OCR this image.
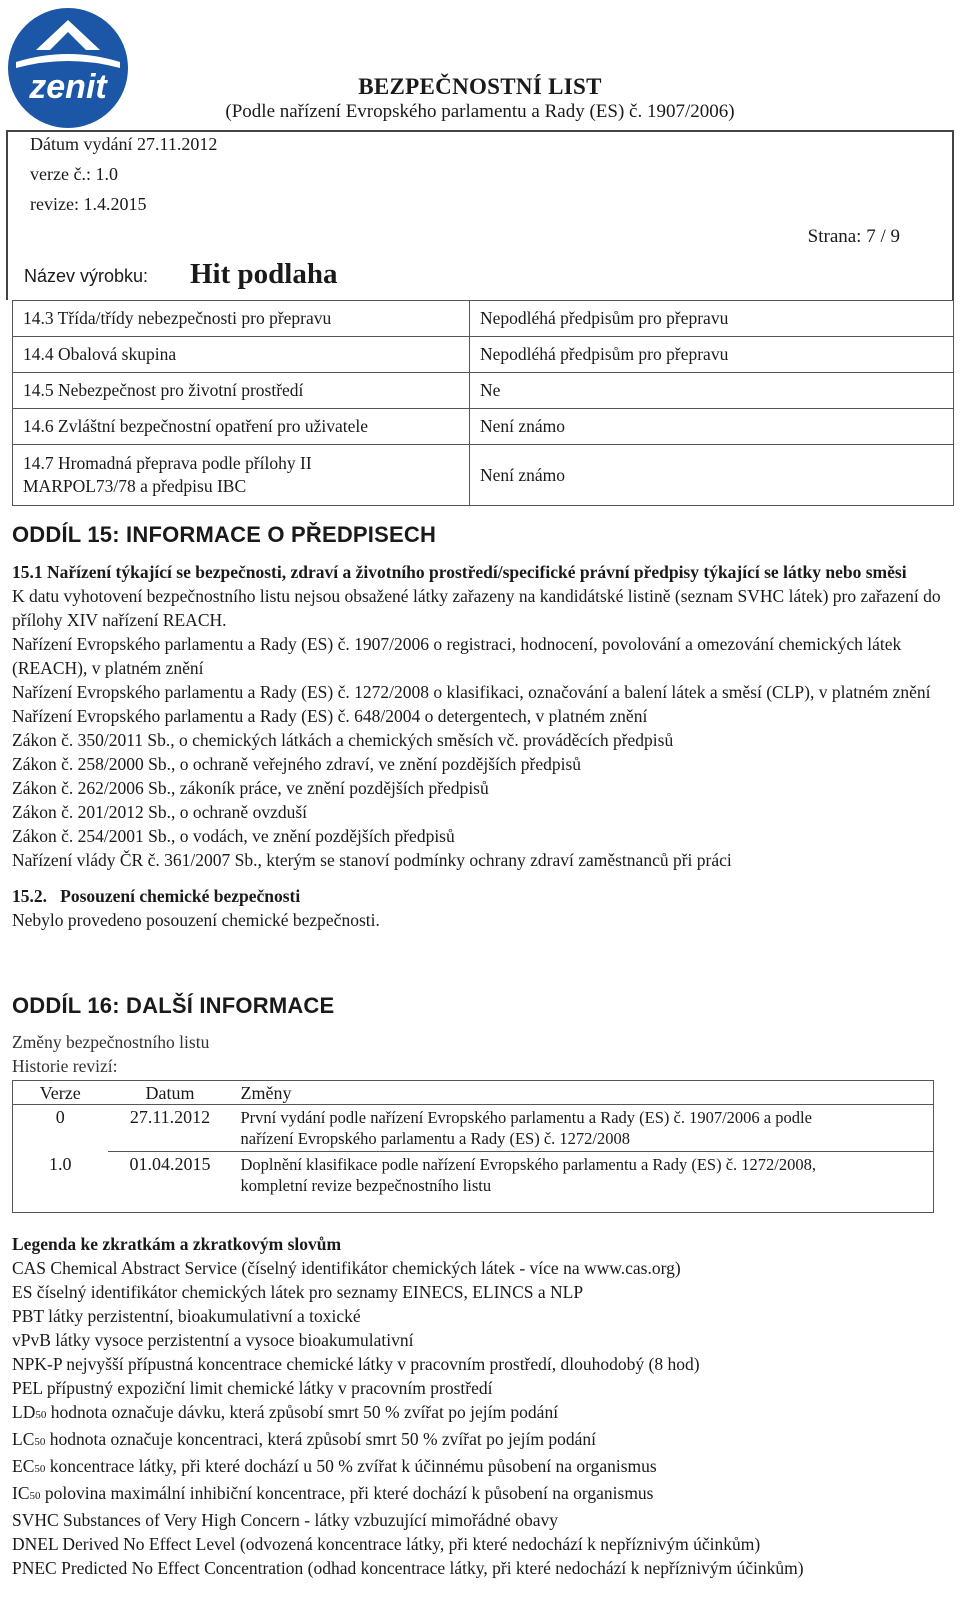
zenit	BEZPEČNOSTNÍ LIST
(Podle nařízení Evropského parlamentu a Rady (ES) č. 1907/2006)
Dátum vydání 27.11.2012
verze č.: 1.0
revize: 1.4.2015
Strana: 7 / 9
Název výrobku: Hit podlaha
14.3 Třída/třídy nebezpečnosti pro přepravu	Nepodléhá předpisům pro přepravu
14.4 Obalová skupina	Nepodléhá předpisům pro přepravu
14.5 Nebezpečnost pro životní prostředí	Ne
14.6 Zvláštní bezpečnostní opatření pro uživatele	Není známo

14.7 Hromadná přeprava podle přílohy II
MARPOL73/78 a předpisu IBC	Není známo
ODDÍL 15: INFORMACE O PŘEDPISECH
15.1 Nařízení týkající se bezpečnosti, zdraví a životního prostředí/specifické právní předpisy týkající se látky nebo směsi
K datu vyhotovení bezpečnostního listu nejsou obsažené látky zařazeny na kandidátské listině (seznam SVHC látek) pro zařazení do přílohy XIV nařízení REACH.
Nařízení Evropského parlamentu a Rady (ES) č. 1907/2006 o registraci, hodnocení, povolování a omezování chemických látek (REACH), v platném znění
Nařízení Evropského parlamentu a Rady (ES) č. 1272/2008 o klasifikaci, označování a balení látek a směsí (CLP), v platném znění
Nařízení Evropského parlamentu a Rady (ES) č. 648/2004 o detergentech, v platném znění
Zákon č. 350/2011 Sb., o chemických látkách a chemických směsích vč. prováděcích předpisů
Zákon č. 258/2000 Sb., o ochraně veřejného zdraví, ve znění pozdějších předpisů
Zákon č. 262/2006 Sb., zákoník práce, ve znění pozdějších předpisů
Zákon č. 201/2012 Sb., o ochraně ovzduší
Zákon č. 254/2001 Sb., o vodách, ve znění pozdějších předpisů
Nařízení vlády ČR č. 361/2007 Sb., kterým se stanoví podmínky ochrany zdraví zaměstnanců při práci
15.2.   Posouzení chemické bezpečnosti
Nebylo provedeno posouzení chemické bezpečnosti.
ODDÍL 16: DALŠÍ INFORMACE
Změny bezpečnostního listu
Historie revizí:
Verze	Datum	Změny
0	27.11.2012	První vydání podle nařízení Evropského parlamentu a Rady (ES) č. 1907/2006 a podle
nařízení Evropského parlamentu a Rady (ES) č. 1272/2008

1.0	01.04.2015	Doplnění klasifikace podle nařízení Evropského parlamentu a Rady (ES) č. 1272/2008,
kompletní revize bezpečnostního listu

Legenda ke zkratkám a zkratkovým slovům
CAS Chemical Abstract Service (číselný identifikátor chemických látek - více na www.cas.org)
ES číselný identifikátor chemických látek pro seznamy EINECS, ELINCS a NLP
PBT látky perzistentní, bioakumulativní a toxické
vPvB látky vysoce perzistentní a vysoce bioakumulativní
NPK-P nejvyšší přípustná koncentrace chemické látky v pracovním prostředí, dlouhodobý (8 hod)
PEL přípustný expoziční limit chemické látky v pracovním prostředí
LD50 hodnota označuje dávku, která způsobí smrt 50 % zvířat po jejím podání
LC50 hodnota označuje koncentraci, která způsobí smrt 50 % zvířat po jejím podání
EC50 koncentrace látky, při které dochází u 50 % zvířat k účinnému působení na organismus
IC50 polovina maximální inhibiční koncentrace, při které dochází k působení na organismus
SVHC Substances of Very High Concern - látky vzbuzující mimořádné obavy
DNEL Derived No Effect Level (odvozená koncentrace látky, při které nedochází k nepříznivým účinkům)
PNEC Predicted No Effect Concentration (odhad koncentrace látky, při které nedochází k nepříznivým účinkům)
